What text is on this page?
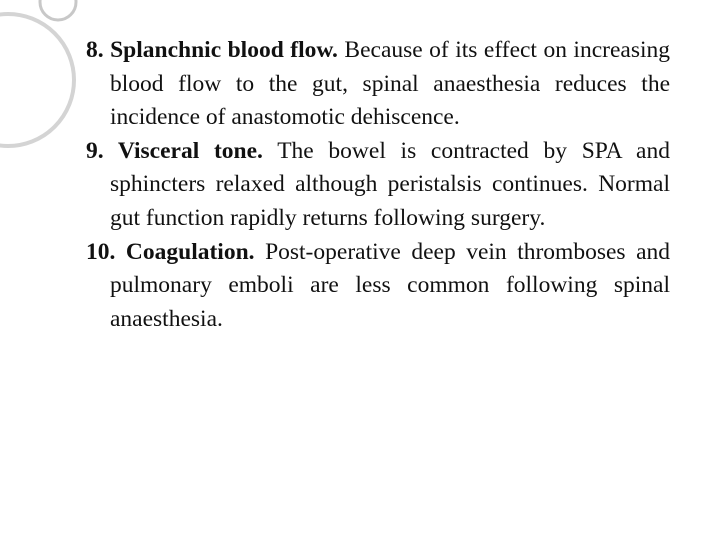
8. Splanchnic blood flow. Because of its effect on increasing blood flow to the gut, spinal anaesthesia reduces the incidence of anastomotic dehiscence.

9. Visceral tone. The bowel is contracted by SPA and sphincters relaxed although peristalsis continues. Normal gut function rapidly returns following surgery.

10. Coagulation. Post-operative deep vein thromboses and pulmonary emboli are less common following spinal anaesthesia.
